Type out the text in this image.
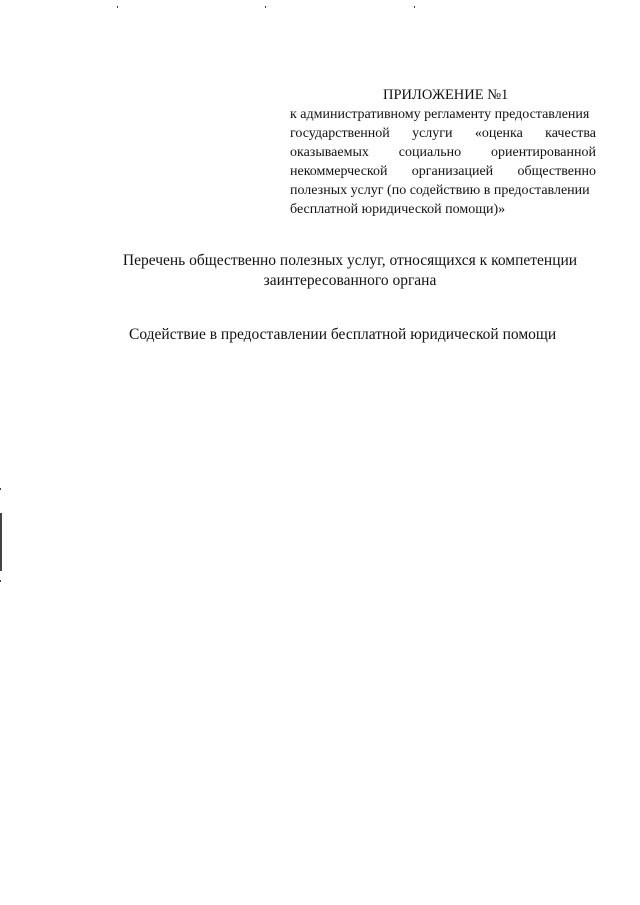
ПРИЛОЖЕНИЕ №1
к административному регламенту предоставления
государственной услуги «оценка качества
оказываемых социально ориентированной
некоммерческой организацией общественно
полезных услуг (по содействию в предоставлении
бесплатной юридической помощи)»
Перечень общественно полезных услуг, относящихся к компетенции
заинтересованного органа
Содействие в предоставлении бесплатной юридической помощи
